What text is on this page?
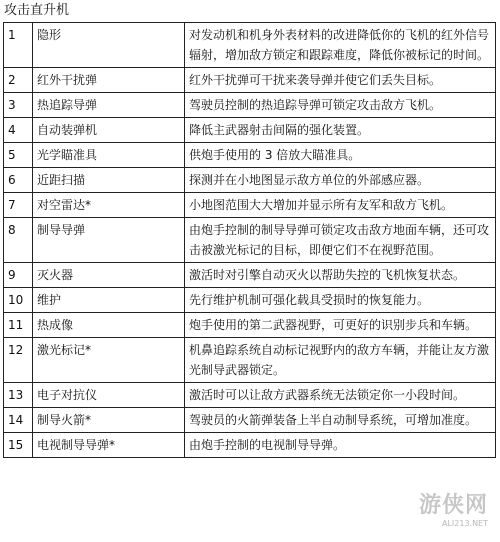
攻击直升机
1	隐形	对发动机和机身外表材料的改进降低你的飞机的红外信号辐射，增加敌方锁定和跟踪难度，降低你被标记的时间。
2	红外干扰弹	红外干扰弹可干扰来袭导弹并使它们丢失目标。
3	热追踪导弹	驾驶员控制的热追踪导弹可锁定攻击敌方飞机。
4	自动装弹机	降低主武器射击间隔的强化装置。
5	光学瞄准具	供炮手使用的 3 倍放大瞄准具。
6	近距扫描	探测并在小地图显示敌方单位的外部感应器。
7	对空雷达*	小地图范围大大增加并显示所有友军和敌方飞机。
8	制导导弹	由炮手控制的制导导弹可锁定攻击敌方地面车辆，还可攻击被激光标记的目标，即便它们不在视野范围。
9	灭火器	激活时对引擎自动灭火以帮助失控的飞机恢复状态。
10	维护	先行维护机制可强化载具受损时的恢复能力。
11	热成像	炮手使用的第二武器视野，可更好的识别步兵和车辆。
12	激光标记*	机鼻追踪系统自动标记视野内的敌方车辆，并能让友方激光制导武器锁定。
13	电子对抗仪	激活时可以让敌方武器系统无法锁定你一小段时间。
14	制导火箭*	驾驶员的火箭弹装备上半自动制导系统，可增加准度。
15	电视制导导弹*	由炮手控制的电视制导导弹。
游侠网
ALI213.NET
